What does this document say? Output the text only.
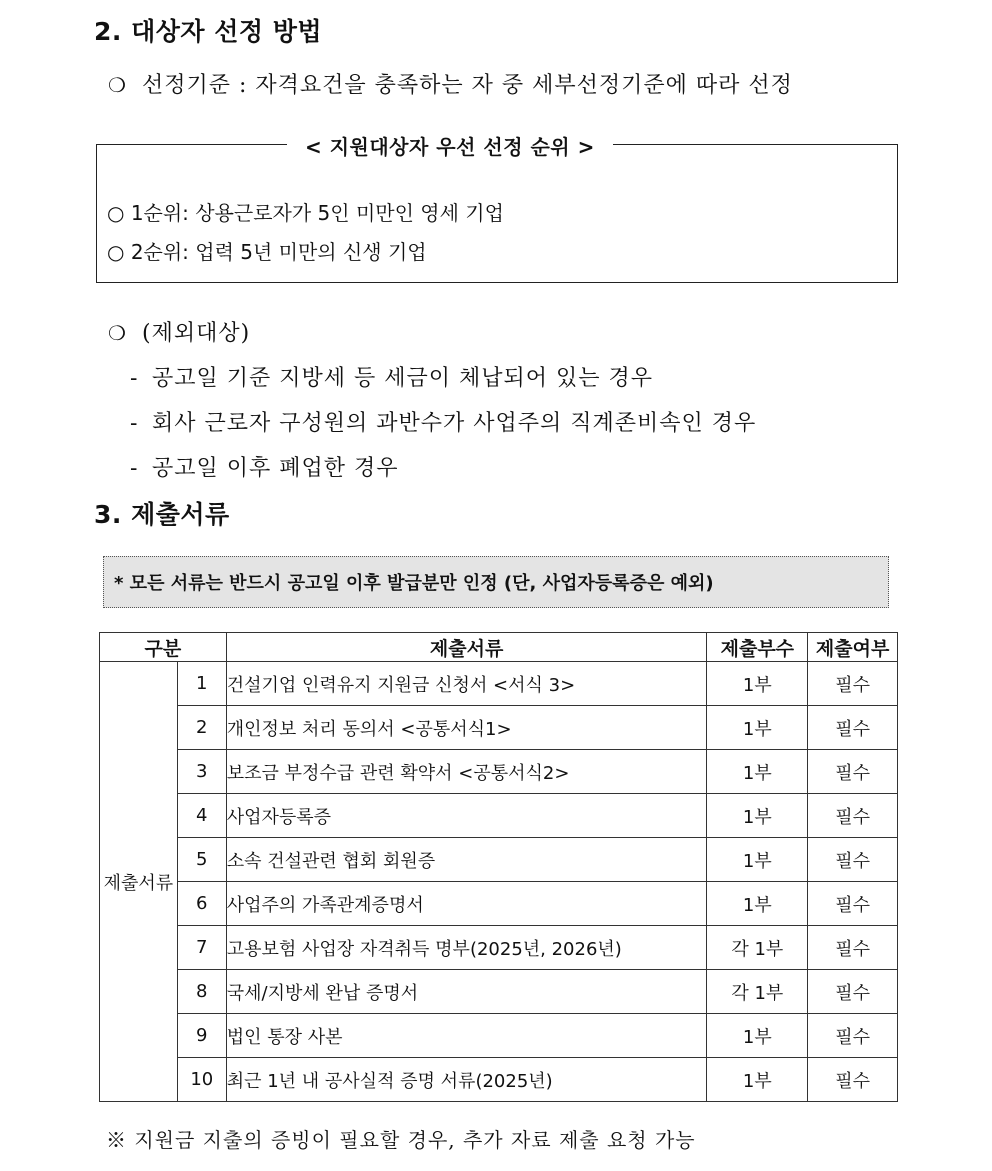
2. 대상자 선정 방법
❍ 선정기준 : 자격요건을 충족하는 자 중 세부선정기준에 따라 선정
< 지원대상자 우선 선정 순위 >
○ 1순위: 상용근로자가 5인 미만인 영세 기업
○ 2순위: 업력 5년 미만의 신생 기업
❍ (제외대상)
- 공고일 기준 지방세 등 세금이 체납되어 있는 경우
- 회사 근로자 구성원의 과반수가 사업주의 직계존비속인 경우
- 공고일 이후 폐업한 경우
3. 제출서류
* 모든 서류는 반드시 공고일 이후 발급분만 인정 (단, 사업자등록증은 예외)
구분		제출서류	제출부수	제출여부
제출서류	1	건설기업 인력유지 지원금 신청서 <서식 3>	1부	필수
	2	개인정보 처리 동의서 <공통서식1>	1부	필수
	3	보조금 부정수급 관련 확약서 <공통서식2>	1부	필수
	4	사업자등록증	1부	필수
	5	소속 건설관련 협회 회원증	1부	필수
	6	사업주의 가족관계증명서	1부	필수
	7	고용보험 사업장 자격취득 명부(2025년, 2026년)	각 1부	필수
	8	국세/지방세 완납 증명서	각 1부	필수
	9	법인 통장 사본	1부	필수
	10	최근 1년 내 공사실적 증명 서류(2025년)	1부	필수
※ 지원금 지출의 증빙이 필요할 경우, 추가 자료 제출 요청 가능
